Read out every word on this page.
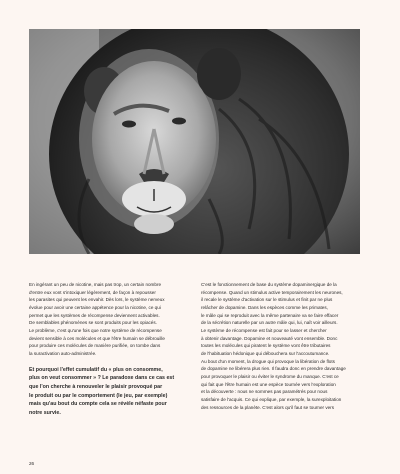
En ingérant un peu de nicotine, mais pas trop, un certain nombre
d'entre eux vont s'intoxiquer légèrement, de façon à repousser
les parasites qui peuvent les envahir. Dès lors, le système nerveux
évolue pour avoir une certaine appétence pour la nicotine, ce qui
permet que les systèmes de récompense deviennent activables.
De semblables phénomènes se sont produits pour les opiacés.
Le problème, c'est qu'une fois que notre système de récompense
devient sensible à ces molécules et que l'être humain se débrouille
pour produire ces molécules de manière purifiée, on tombe dans
la suractivation auto-administrée.
Et pourquoi l'effet cumulatif du « plus on consomme,
plus on veut consommer » ? Le paradoxe dans ce cas est
que l'on cherche à renouveler le plaisir provoqué par
le produit ou par le comportement (le jeu, par exemple)
mais qu'au bout du compte cela se révèle néfaste pour
notre survie.
C'est le fonctionnement de base du système dopaminergique de la
récompense. Quand un stimulus active temporairement les neurones,
il recale le système d'activation sur le stimulus et finit par ne plus
relâcher de dopamine. Dans les espèces comme les primates,
le mâle qui se reproduit avec la même partenaire va se faire effacer
de la sécrétion naturelle par un autre mâle qui, lui, naît voir ailleurs.
Le système de récompense est fait pour se lasser et chercher
à obtenir davantage. Dopamine et nouveauté vont ensemble. Donc
toutes les molécules qui piratent le système vont être tributaires
de l'habituation hédonique qui débouchera sur l'accoutumance.
Au bout d'un moment, la drogue qui provoque la libération de flots
de dopamine ne libérera plus rien. Il faudra donc en prendre davantage
pour provoquer le plaisir ou éviter le syndrome du manque. C'est ce
qui fait que l'être humain est une espèce tournée vers l'exploration
et la découverte : nous ne sommes pas paramétrés pour nous
satisfaire de l'acquis. Ce qui explique, par exemple, la surexploitation
des ressources de la planète. C'est alors qu'il faut se tourner vers
26
